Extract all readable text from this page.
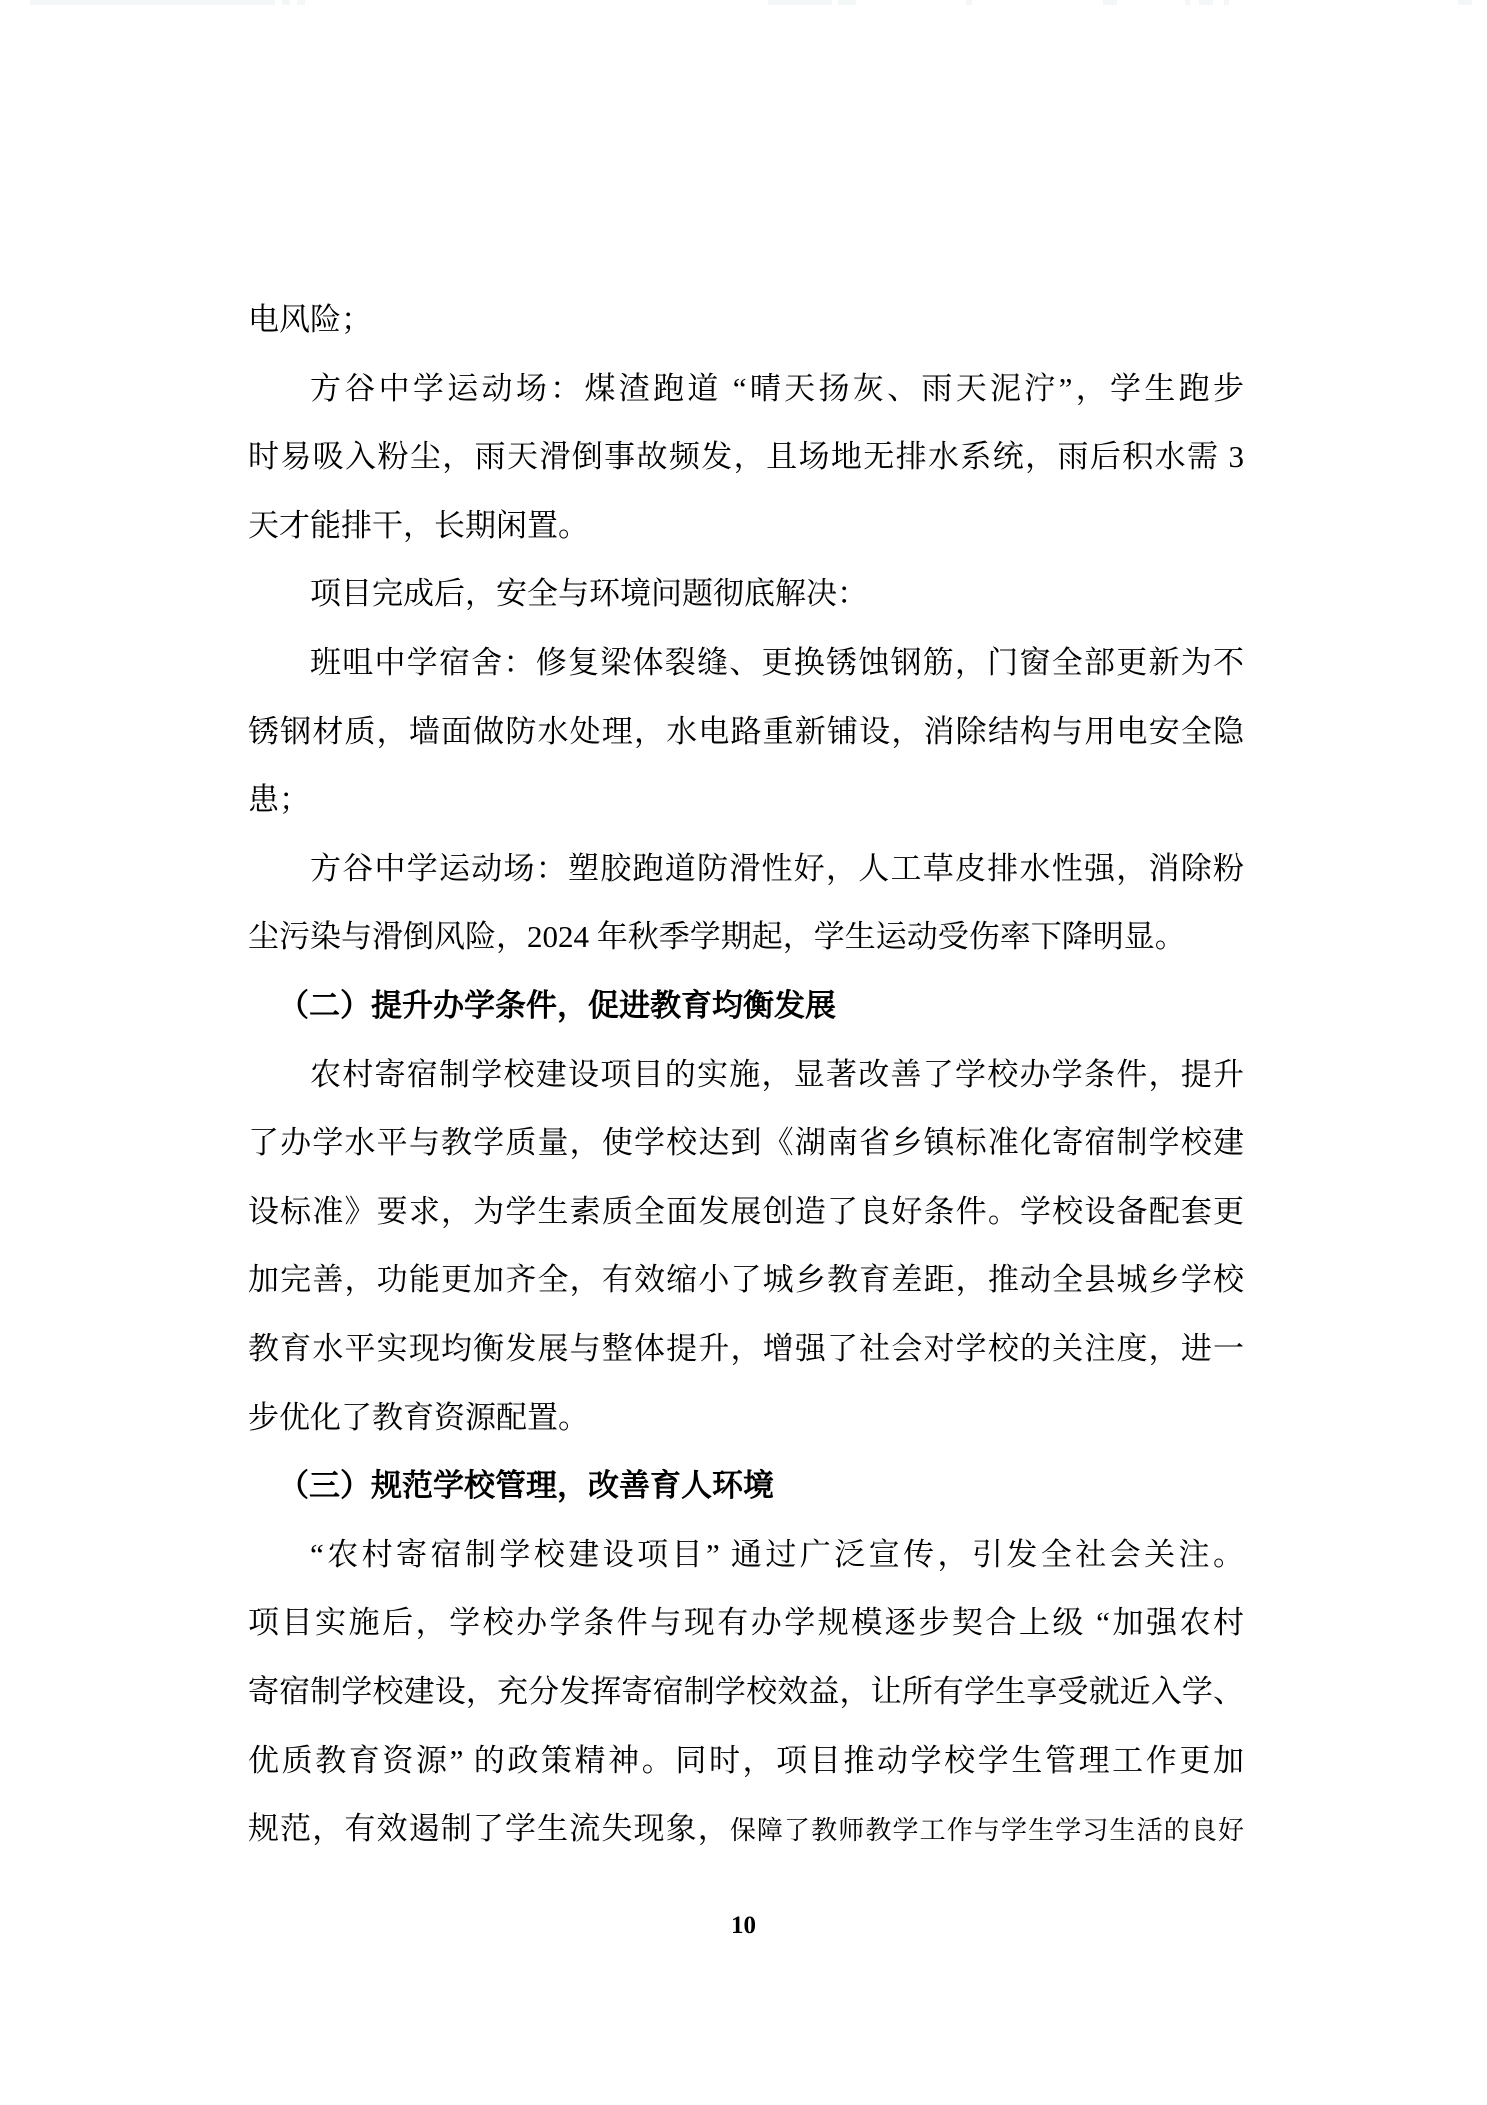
电风险；
方谷中学运动场：煤渣跑道 “晴天扬灰、雨天泥泞”，学生跑步
时易吸入粉尘，雨天滑倒事故频发，且场地无排水系统，雨后积水需 3
天才能排干，长期闲置。
项目完成后，安全与环境问题彻底解决：
班咀中学宿舍：修复梁体裂缝、更换锈蚀钢筋，门窗全部更新为不
锈钢材质，墙面做防水处理，水电路重新铺设，消除结构与用电安全隐
患；
方谷中学运动场：塑胶跑道防滑性好，人工草皮排水性强，消除粉
尘污染与滑倒风险，2024 年秋季学期起，学生运动受伤率下降明显。
（二）提升办学条件，促进教育均衡发展
农村寄宿制学校建设项目的实施，显著改善了学校办学条件，提升
了办学水平与教学质量，使学校达到《湖南省乡镇标准化寄宿制学校建
设标准》要求，为学生素质全面发展创造了良好条件。学校设备配套更
加完善，功能更加齐全，有效缩小了城乡教育差距，推动全县城乡学校
教育水平实现均衡发展与整体提升，增强了社会对学校的关注度，进一
步优化了教育资源配置。
（三）规范学校管理，改善育人环境
“农村寄宿制学校建设项目” 通过广泛宣传，引发全社会关注。
项目实施后，学校办学条件与现有办学规模逐步契合上级 “加强农村
寄宿制学校建设，充分发挥寄宿制学校效益，让所有学生享受就近入学、
优质教育资源” 的政策精神。同时，项目推动学校学生管理工作更加
规范，有效遏制了学生流失现象，保障了教师教学工作与学生学习生活的良好
10
